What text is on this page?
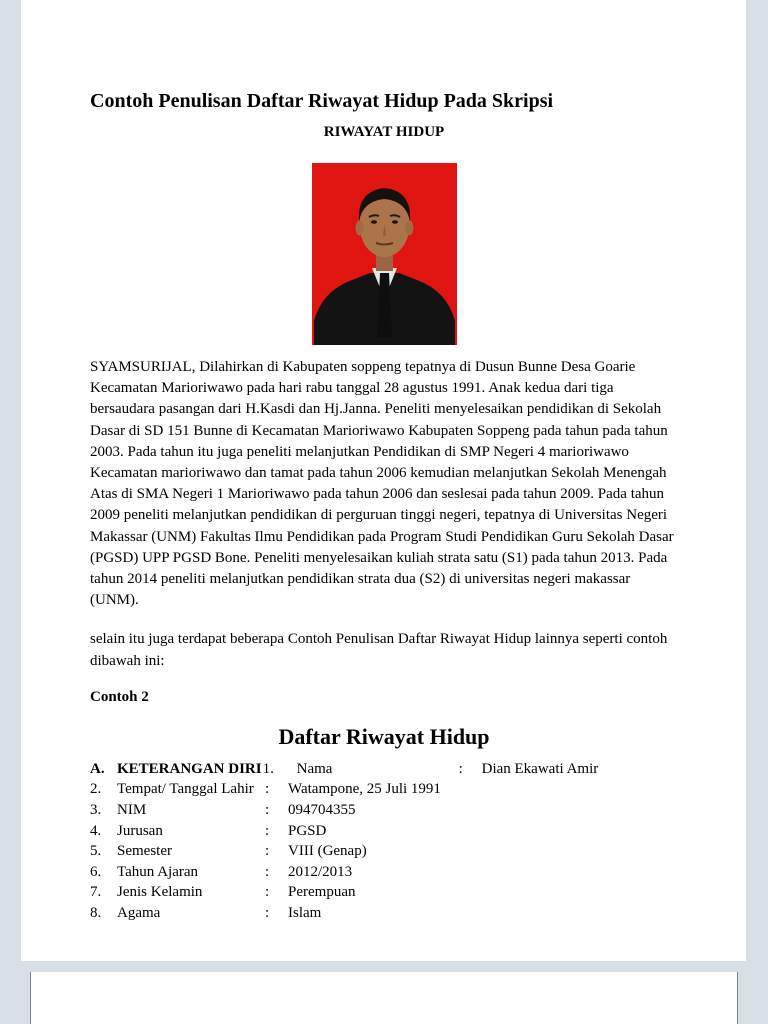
Contoh Penulisan Daftar Riwayat Hidup Pada Skripsi
RIWAYAT HIDUP

SYAMSURIJAL, Dilahirkan di Kabupaten soppeng tepatnya di Dusun Bunne Desa Goarie Kecamatan Marioriwawo pada hari rabu tanggal 28 agustus 1991. Anak kedua dari tiga bersaudara pasangan dari H.Kasdi dan Hj.Janna. Peneliti menyelesaikan pendidikan di Sekolah Dasar di SD 151 Bunne di Kecamatan Marioriwawo Kabupaten Soppeng pada tahun pada tahun 2003. Pada tahun itu juga peneliti melanjutkan Pendidikan di SMP Negeri 4 marioriwawo Kecamatan marioriwawo dan tamat pada tahun 2006 kemudian melanjutkan Sekolah Menengah Atas di SMA Negeri 1 Marioriwawo pada tahun 2006 dan seslesai pada tahun 2009. Pada tahun 2009 peneliti melanjutkan pendidikan di perguruan tinggi negeri, tepatnya di Universitas Negeri Makassar (UNM) Fakultas Ilmu Pendidikan pada Program Studi Pendidikan Guru Sekolah Dasar (PGSD) UPP PGSD Bone. Peneliti menyelesaikan kuliah strata satu (S1) pada tahun 2013. Pada tahun 2014 peneliti melanjutkan pendidikan strata dua (S2) di universitas negeri makassar (UNM).

selain itu juga terdapat beberapa Contoh Penulisan Daftar Riwayat Hidup lainnya seperti contoh dibawah ini:

Contoh 2
Daftar Riwayat Hidup
A. KETERANGAN DIRI 1.	Nama	:	Dian Ekawati Amir
2.	Tempat/ Tanggal Lahir :	Watampone, 25 Juli 1991
3.	NIM	:	094704355
4.	Jurusan	:	PGSD
5.	Semester	:	VIII (Genap)
6.	Tahun Ajaran	:	2012/2013
7.	Jenis Kelamin	:	Perempuan
8.	Agama	:	Islam
